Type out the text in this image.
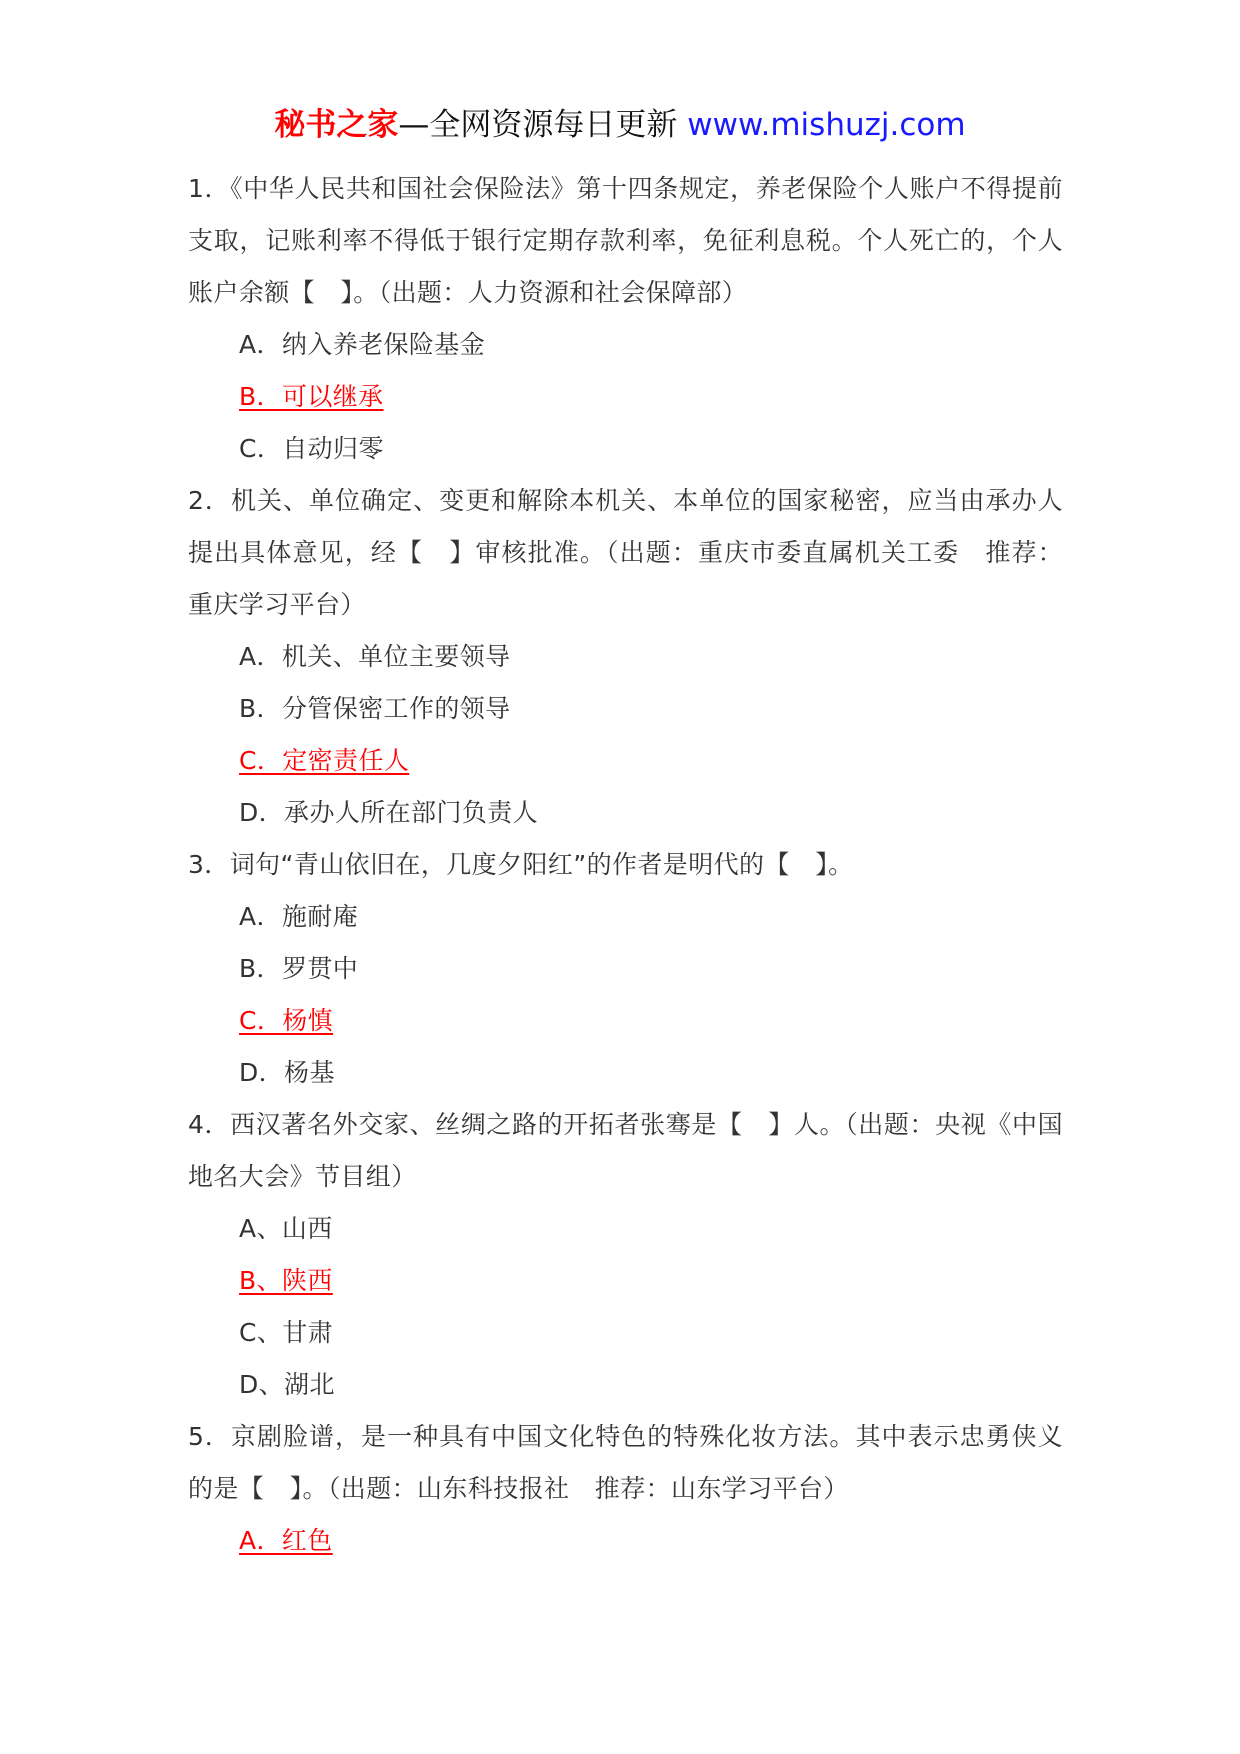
秘书之家—全网资源每日更新 www.mishuzj.com

1．《中华人民共和国社会保险法》第十四条规定，养老保险个人账户不得提前支取，记账利率不得低于银行定期存款利率，免征利息税。个人死亡的，个人账户余额【　】。（出题：人力资源和社会保障部）

A．纳入养老保险基金

B．可以继承

C．自动归零

2．机关、单位确定、变更和解除本机关、本单位的国家秘密，应当由承办人提出具体意见，经【　】审核批准。（出题：重庆市委直属机关工委　推荐：重庆学习平台）

A．机关、单位主要领导

B．分管保密工作的领导

C．定密责任人

D．承办人所在部门负责人

3．词句“青山依旧在，几度夕阳红”的作者是明代的【　】。

A．施耐庵

B．罗贯中

C．杨慎

D．杨基

4．西汉著名外交家、丝绸之路的开拓者张骞是【　】人。（出题：央视《中国地名大会》节目组）

A、山西

B、陕西

C、甘肃

D、湖北

5．京剧脸谱，是一种具有中国文化特色的特殊化妆方法。其中表示忠勇侠义的是【　】。（出题：山东科技报社　推荐：山东学习平台）

A．红色
